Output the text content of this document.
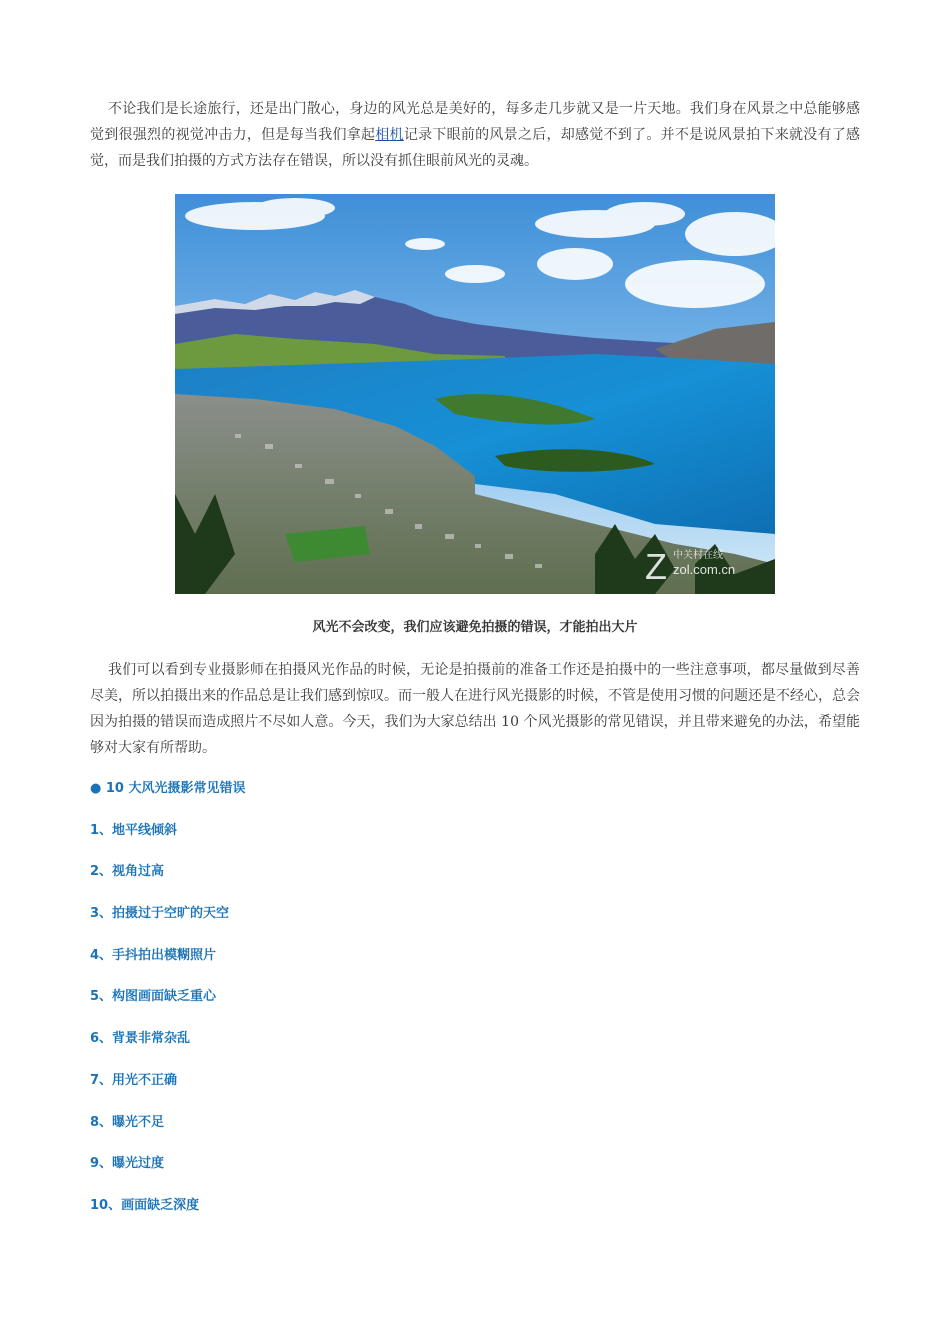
不论我们是长途旅行，还是出门散心，身边的风光总是美好的，每多走几步就又是一片天地。我们身在风景之中总能够感觉到很强烈的视觉冲击力，但是每当我们拿起相机记录下眼前的风景之后，却感觉不到了。并不是说风景拍下来就没有了感觉，而是我们拍摄的方式方法存在错误，所以没有抓住眼前风光的灵魂。

Z 中关村在线
zol.com.cn
风光不会改变，我们应该避免拍摄的错误，才能拍出大片

我们可以看到专业摄影师在拍摄风光作品的时候，无论是拍摄前的准备工作还是拍摄中的一些注意事项，都尽量做到尽善尽美，所以拍摄出来的作品总是让我们感到惊叹。而一般人在进行风光摄影的时候，不管是使用习惯的问题还是不经心，总会因为拍摄的错误而造成照片不尽如人意。今天，我们为大家总结出 10 个风光摄影的常见错误，并且带来避免的办法，希望能够对大家有所帮助。

● 10 大风光摄影常见错误
1、地平线倾斜
2、视角过高
3、拍摄过于空旷的天空
4、手抖拍出模糊照片
5、构图画面缺乏重心
6、背景非常杂乱
7、用光不正确
8、曝光不足
9、曝光过度
10、画面缺乏深度
